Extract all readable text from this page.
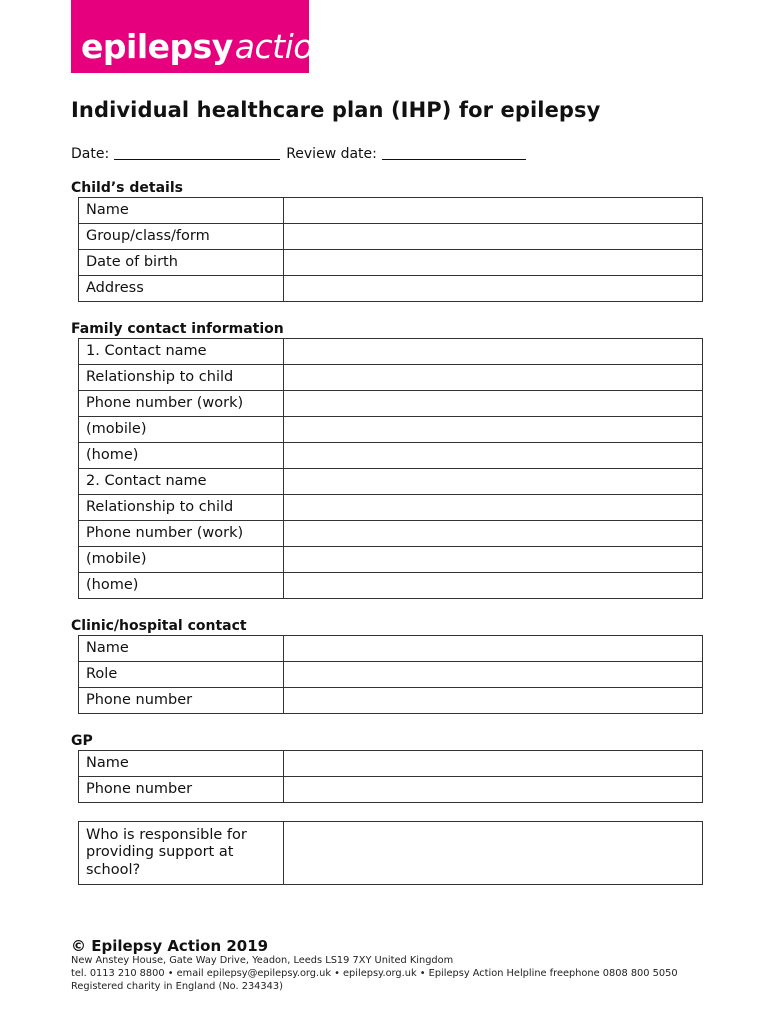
epilepsyaction
Individual healthcare plan (IHP) for epilepsy
Date:	Review date:
Child’s details
Name	
Group/class/form	
Date of birth	
Address	
Family contact information
1. Contact name	
Relationship to child	
Phone number (work)	
(mobile)	
(home)	
2. Contact name	
Relationship to child	
Phone number (work)	
(mobile)	
(home)	
Clinic/hospital contact
Name	
Role	
Phone number	
GP
Name	
Phone number	
Who is responsible for providing support at school?	
© Epilepsy Action 2019
New Anstey House, Gate Way Drive, Yeadon, Leeds LS19 7XY United Kingdom
tel. 0113 210 8800 • email epilepsy@epilepsy.org.uk • epilepsy.org.uk • Epilepsy Action Helpline freephone 0808 800 5050
Registered charity in England (No. 234343)
